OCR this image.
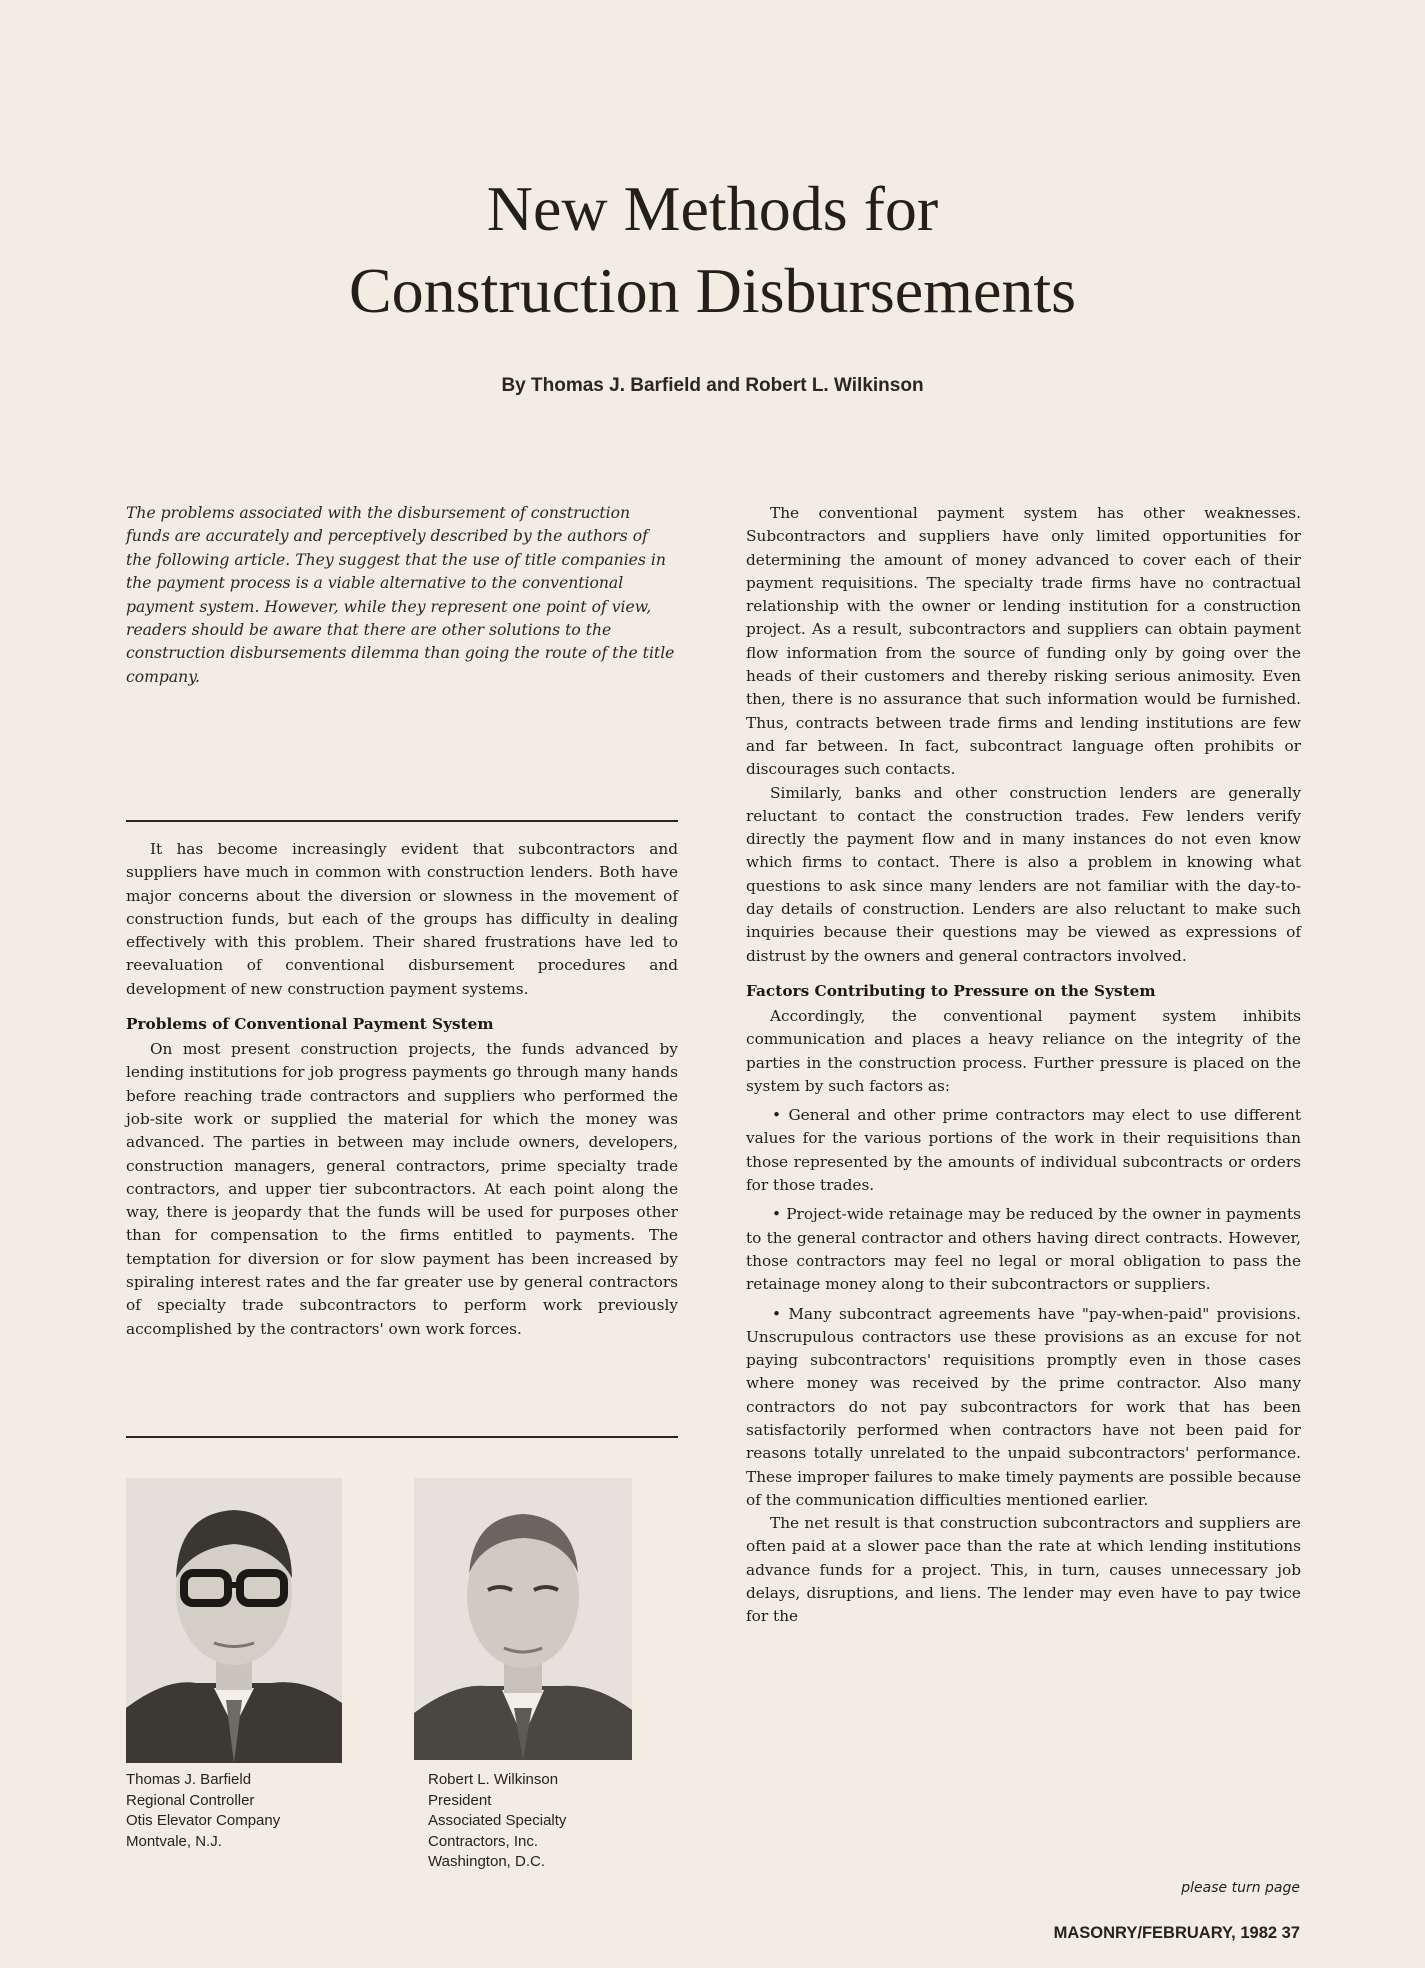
New Methods for
Construction Disbursements
By Thomas J. Barfield and Robert L. Wilkinson

The problems associated with the disbursement of construction funds are accurately and perceptively described by the authors of the following article. They suggest that the use of title companies in the payment process is a viable alternative to the conventional payment system. However, while they represent one point of view, readers should be aware that there are other solutions to the construction disbursements dilemma than going the route of the title company.

It has become increasingly evident that subcontractors and suppliers have much in common with construction lenders. Both have major concerns about the diversion or slowness in the movement of construction funds, but each of the groups has difficulty in dealing effectively with this problem. Their shared frustrations have led to reevaluation of conventional disbursement procedures and development of new construction payment systems.

Problems of Conventional Payment System

On most present construction projects, the funds advanced by lending institutions for job progress payments go through many hands before reaching trade contractors and suppliers who performed the job-site work or supplied the material for which the money was advanced. The parties in between may include owners, developers, construction managers, general contractors, prime specialty trade contractors, and upper tier subcontractors. At each point along the way, there is jeopardy that the funds will be used for purposes other than for compensation to the firms entitled to payments. The temptation for diversion or for slow payment has been increased by spiraling interest rates and the far greater use by general contractors of specialty trade subcontractors to perform work previously accomplished by the contractors' own work forces.

Thomas J. Barfield
Regional Controller
Otis Elevator Company
Montvale, N.J.
Robert L. Wilkinson
President
Associated Specialty
Contractors, Inc.
Washington, D.C.

The conventional payment system has other weaknesses. Subcontractors and suppliers have only limited opportunities for determining the amount of money advanced to cover each of their payment requisitions. The specialty trade firms have no contractual relationship with the owner or lending institution for a construction project. As a result, subcontractors and suppliers can obtain payment flow information from the source of funding only by going over the heads of their customers and thereby risking serious animosity. Even then, there is no assurance that such information would be furnished. Thus, contracts between trade firms and lending institutions are few and far between. In fact, subcontract language often prohibits or discourages such contacts.

Similarly, banks and other construction lenders are generally reluctant to contact the construction trades. Few lenders verify directly the payment flow and in many instances do not even know which firms to contact. There is also a problem in knowing what questions to ask since many lenders are not familiar with the day-to-day details of construction. Lenders are also reluctant to make such inquiries because their questions may be viewed as expressions of distrust by the owners and general contractors involved.

Factors Contributing to Pressure on the System

Accordingly, the conventional payment system inhibits communication and places a heavy reliance on the integrity of the parties in the construction process. Further pressure is placed on the system by such factors as:

• General and other prime contractors may elect to use different values for the various portions of the work in their requisitions than those represented by the amounts of individual subcontracts or orders for those trades.

• Project-wide retainage may be reduced by the owner in payments to the general contractor and others having direct contracts. However, those contractors may feel no legal or moral obligation to pass the retainage money along to their subcontractors or suppliers.

• Many subcontract agreements have "pay-when-paid" provisions. Unscrupulous contractors use these provisions as an excuse for not paying subcontractors' requisitions promptly even in those cases where money was received by the prime contractor. Also many contractors do not pay subcontractors for work that has been satisfactorily performed when contractors have not been paid for reasons totally unrelated to the unpaid subcontractors' performance. These improper failures to make timely payments are possible because of the communication difficulties mentioned earlier.

The net result is that construction subcontractors and suppliers are often paid at a slower pace than the rate at which lending institutions advance funds for a project. This, in turn, causes unnecessary job delays, disruptions, and liens. The lender may even have to pay twice for the

please turn page
MASONRY/FEBRUARY, 1982 37
